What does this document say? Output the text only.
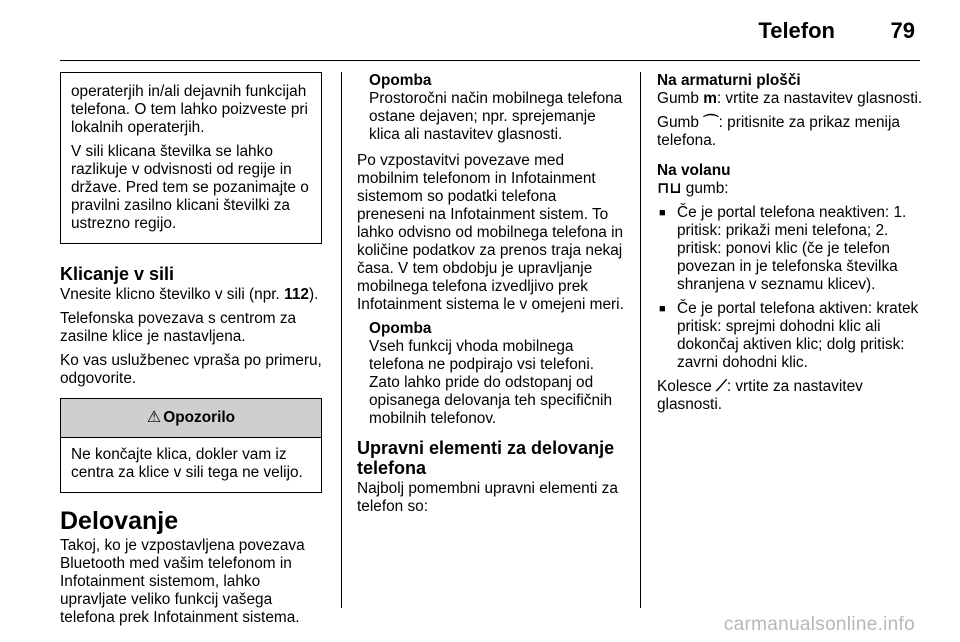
Telefon	79

operaterjih in/ali dejavnih funkcijah telefona. O tem lahko poizveste pri lokalnih operaterjih.

V sili klicana številka se lahko razlikuje v odvisnosti od regije in države. Pred tem se pozanimajte o pravilni zasilno klicani številki za ustrezno regijo.

Klicanje v sili

Vnesite klicno številko v sili (npr. 112).

Telefonska povezava s centrom za zasilne klice je nastavljena.

Ko vas uslužbenec vpraša po primeru, odgovorite.

⚠ Opozorilo

Ne končajte klica, dokler vam iz centra za klice v sili tega ne velijo.

Delovanje

Takoj, ko je vzpostavljena povezava Bluetooth med vašim telefonom in Infotainment sistemom, lahko upravljate veliko funkcij vašega telefona prek Infotainment sistema.

Opomba
Prostoročni način mobilnega telefona ostane dejaven; npr. sprejemanje klica ali nastavitev glasnosti.

Po vzpostavitvi povezave med mobilnim telefonom in Infotainment sistemom so podatki telefona preneseni na Infotainment sistem. To lahko odvisno od mobilnega telefona in količine podatkov za prenos traja nekaj časa. V tem obdobju je upravljanje mobilnega telefona izvedljivo prek Infotainment sistema le v omejeni meri.

Opomba
Vseh funkcij vhoda mobilnega telefona ne podpirajo vsi telefoni. Zato lahko pride do odstopanj od opisanega delovanja teh specifičnih mobilnih telefonov.
Upravni elementi za delovanje telefona

Najbolj pomembni upravni elementi za telefon so:

Na armaturni plošči

Gumb m: vrtite za nastavitev glasnosti.

Gumb ⌒: pritisnite za prikaz menija telefona.

Na volanu

⊓⊔ gumb:

■ Če je portal telefona neaktiven: 1. pritisk: prikaži meni telefona; 2. pritisk: ponovi klic (če je telefon povezan in je telefonska številka shranjena v seznamu klicev).
■ Če je portal telefona aktiven: kratek pritisk: sprejmi dohodni klic ali dokončaj aktiven klic; dolg pritisk: zavrni dohodni klic.

Kolesce ⟋: vrtite za nastavitev glasnosti.

carmanualsonline.info
